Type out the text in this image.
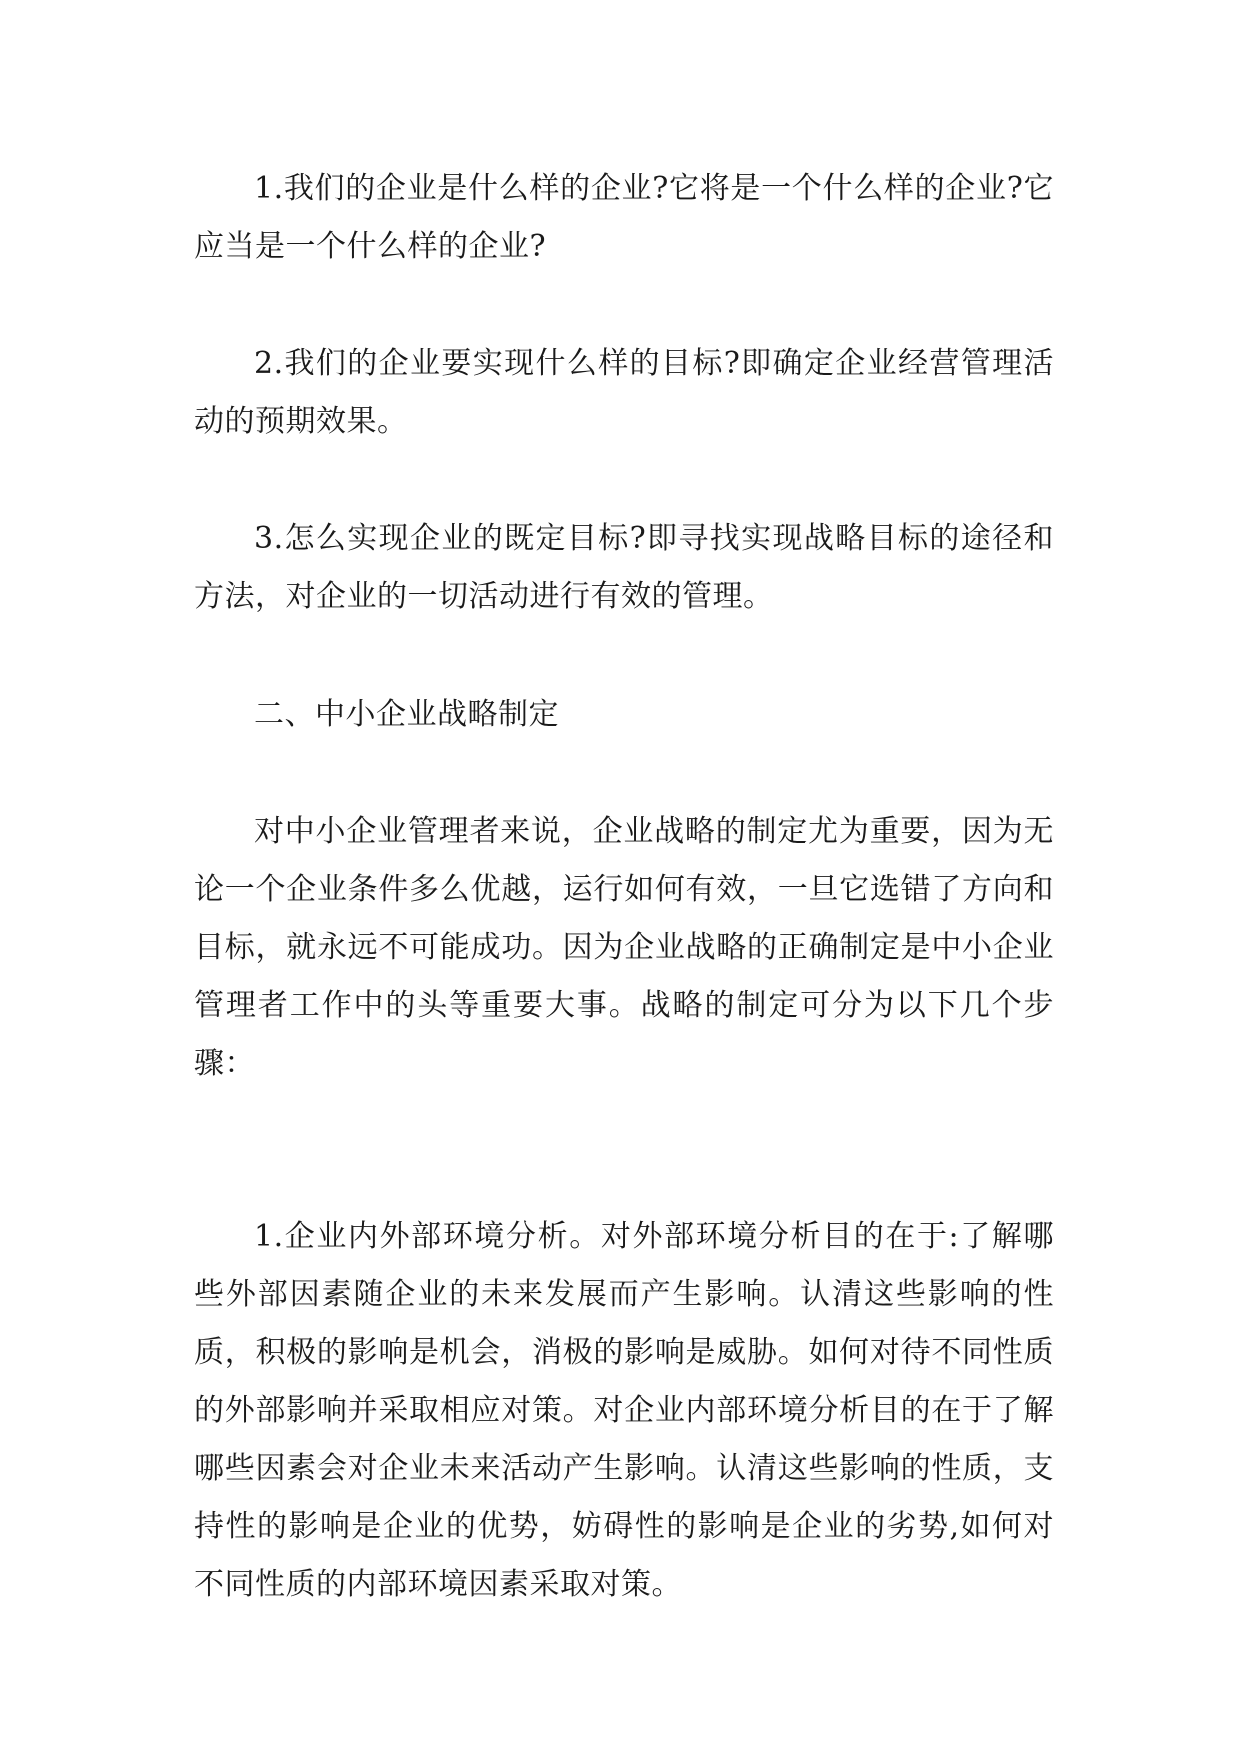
1.我们的企业是什么样的企业?它将是一个什么样的企业?它应当是一个什么样的企业?

2.我们的企业要实现什么样的目标?即确定企业经营管理活动的预期效果。

3.怎么实现企业的既定目标?即寻找实现战略目标的途径和方法，对企业的一切活动进行有效的管理。

二、中小企业战略制定

对中小企业管理者来说，企业战略的制定尤为重要，因为无论一个企业条件多么优越，运行如何有效，一旦它选错了方向和目标，就永远不可能成功。因为企业战略的正确制定是中小企业管理者工作中的头等重要大事。战略的制定可分为以下几个步骤：

1.企业内外部环境分析。对外部环境分析目的在于:了解哪些外部因素随企业的未来发展而产生影响。认清这些影响的性质，积极的影响是机会，消极的影响是威胁。如何对待不同性质的外部影响并采取相应对策。对企业内部环境分析目的在于了解哪些因素会对企业未来活动产生影响。认清这些影响的性质，支持性的影响是企业的优势，妨碍性的影响是企业的劣势,如何对不同性质的内部环境因素采取对策。
